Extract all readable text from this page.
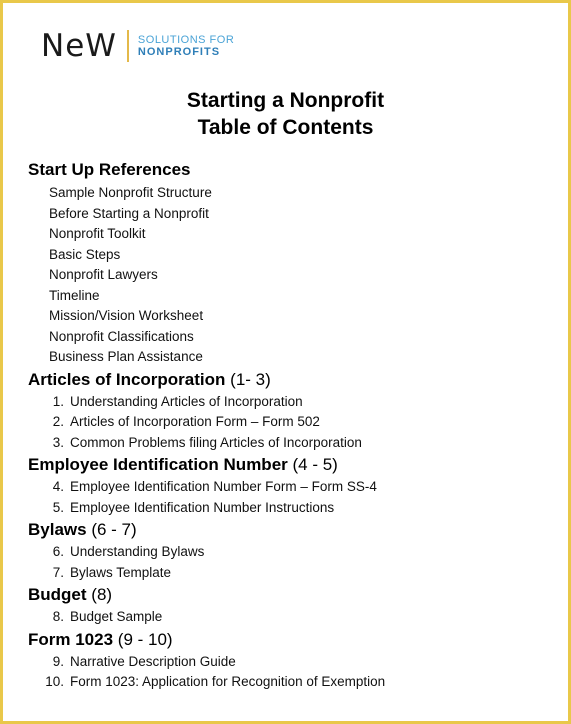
NeW SOLUTIONS FOR
NONPROFITS
Starting a Nonprofit
Table of Contents
Start Up References
Sample Nonprofit Structure
Before Starting a Nonprofit
Nonprofit Toolkit
Basic Steps
Nonprofit Lawyers
Timeline
Mission/Vision Worksheet
Nonprofit Classifications
Business Plan Assistance
Articles of Incorporation (1- 3)
1. Understanding Articles of Incorporation
2. Articles of Incorporation Form – Form 502
3. Common Problems filing Articles of Incorporation
Employee Identification Number (4 - 5)
4. Employee Identification Number Form – Form SS-4
5. Employee Identification Number Instructions
Bylaws (6 - 7)
6. Understanding Bylaws
7. Bylaws Template
Budget (8)
8. Budget Sample
Form 1023 (9 - 10)
9. Narrative Description Guide
10. Form 1023: Application for Recognition of Exemption
